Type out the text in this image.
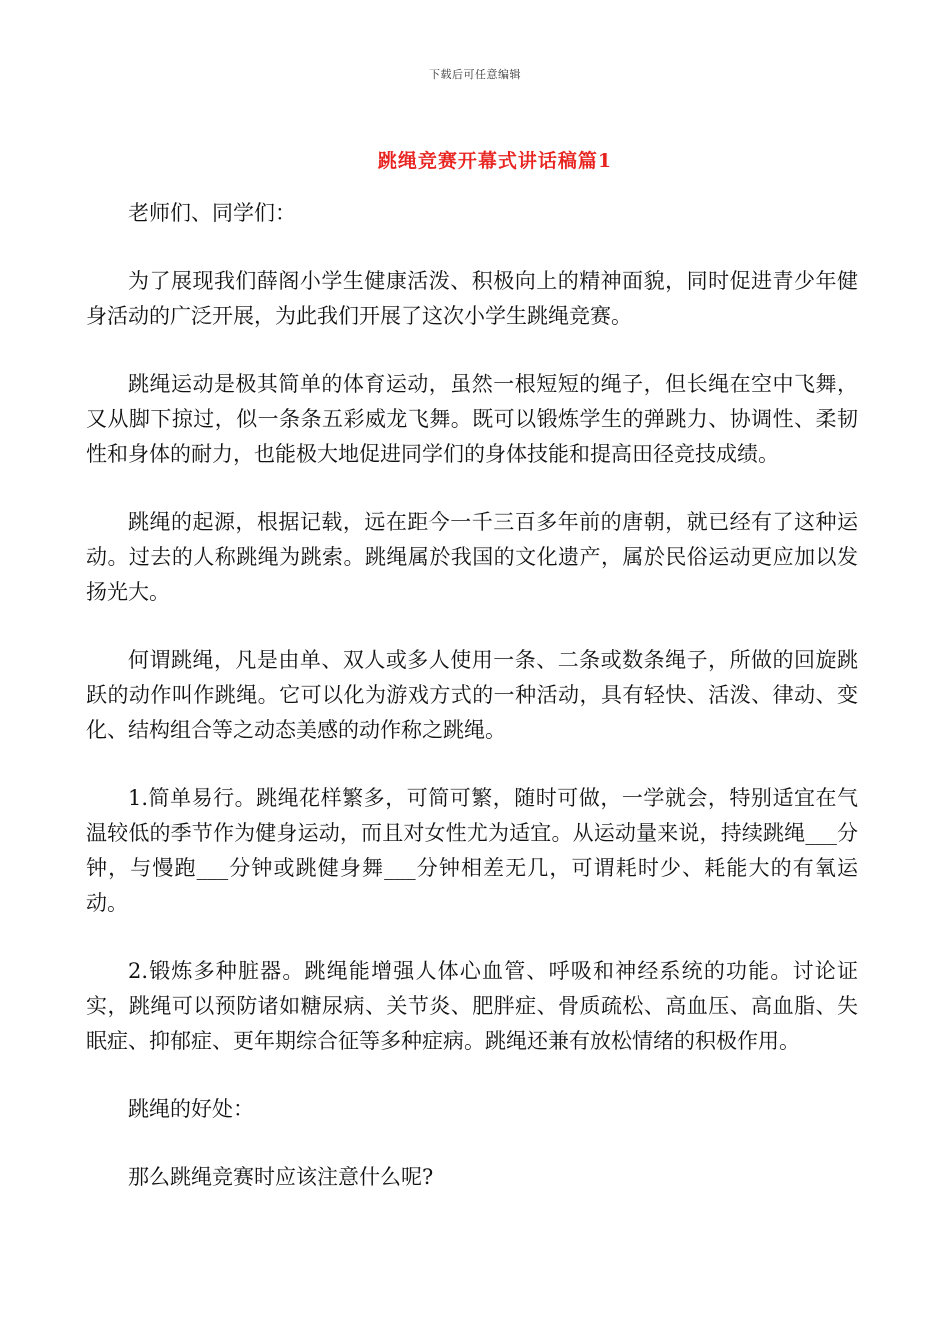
下载后可任意编辑
跳绳竞赛开幕式讲话稿篇1

老师们、同学们：

为了展现我们薛阁小学生健康活泼、积极向上的精神面貌，同时促进青少年健身活动的广泛开展，为此我们开展了这次小学生跳绳竞赛。

跳绳运动是极其简单的体育运动，虽然一根短短的绳子，但长绳在空中飞舞，又从脚下掠过，似一条条五彩威龙飞舞。既可以锻炼学生的弹跳力、协调性、柔韧性和身体的耐力，也能极大地促进同学们的身体技能和提高田径竞技成绩。

跳绳的起源，根据记载，远在距今一千三百多年前的唐朝，就已经有了这种运动。过去的人称跳绳为跳索。跳绳属於我国的文化遗产，属於民俗运动更应加以发扬光大。

何谓跳绳，凡是由单、双人或多人使用一条、二条或数条绳子，所做的回旋跳跃的动作叫作跳绳。它可以化为游戏方式的一种活动，具有轻快、活泼、律动、变化、结构组合等之动态美感的动作称之跳绳。

1.简单易行。跳绳花样繁多，可简可繁，随时可做，一学就会，特别适宜在气温较低的季节作为健身运动，而且对女性尤为适宜。从运动量来说，持续跳绳___分钟，与慢跑___分钟或跳健身舞___分钟相差无几，可谓耗时少、耗能大的有氧运动。

2.锻炼多种脏器。跳绳能增强人体心血管、呼吸和神经系统的功能。讨论证实，跳绳可以预防诸如糖尿病、关节炎、肥胖症、骨质疏松、高血压、高血脂、失眠症、抑郁症、更年期综合征等多种症病。跳绳还兼有放松情绪的积极作用。

跳绳的好处：

那么跳绳竞赛时应该注意什么呢?
